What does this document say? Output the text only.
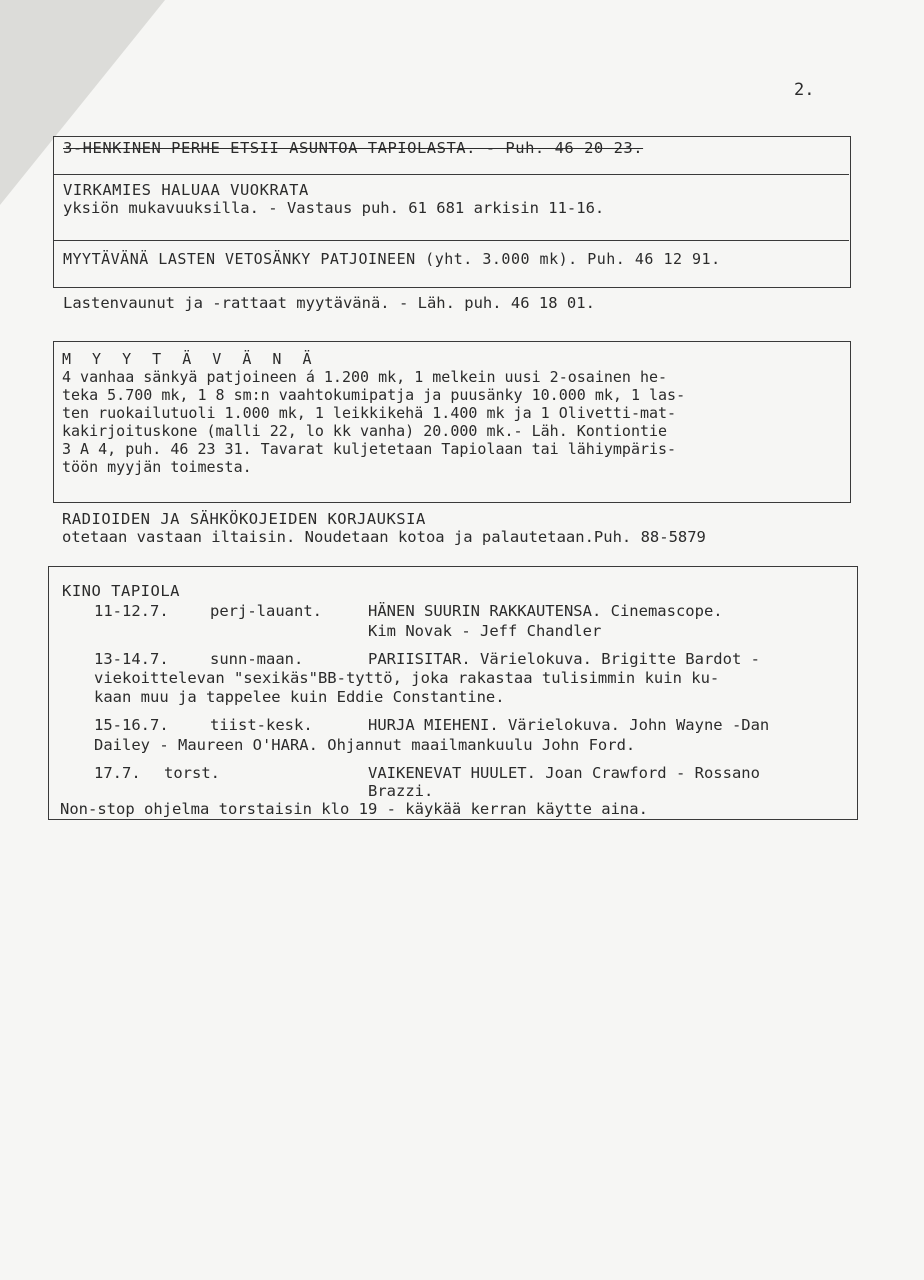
2.
3-HENKINEN PERHE ETSII ASUNTOA TAPIOLASTA. - Puh. 46 20 23.
VIRKAMIES HALUAA VUOKRATA
yksiön mukavuuksilla. - Vastaus puh. 61 681 arkisin 11-16.
MYYTÄVÄNÄ LASTEN VETOSÄNKY PATJOINEEN (yht. 3.000 mk). Puh. 46 12 91.
Lastenvaunut ja -rattaat myytävänä. - Läh. puh. 46 18 01.
M Y Y T Ä V Ä N Ä
4 vanhaa sänkyä patjoineen á 1.200 mk, 1 melkein uusi 2-osainen he-
teka 5.700 mk, 1 8 sm:n vaahtokumipatja ja puusänky 10.000 mk, 1 las-
ten ruokailutuoli 1.000 mk, 1 leikkikehä 1.400 mk ja 1 Olivetti-mat-
kakirjoituskone (malli 22, lo kk vanha) 20.000 mk.- Läh. Kontiontie
3 A 4, puh. 46 23 31. Tavarat kuljetetaan Tapiolaan tai lähiympäris-
töön myyjän toimesta.
RADIOIDEN JA SÄHKÖKOJEIDEN KORJAUKSIA
otetaan vastaan iltaisin. Noudetaan kotoa ja palautetaan.Puh. 88-5879
KINO TAPIOLA
11-12.7.	perj-lauant.	HÄNEN SUURIN RAKKAUTENSA. Cinemascope.
Kim Novak - Jeff Chandler
13-14.7.	sunn-maan.	PARIISITAR. Värielokuva. Brigitte Bardot -
viekoittelevan "sexikäs"BB-tyttö, joka rakastaa tulisimmin kuin ku-
kaan muu ja tappelee kuin Eddie Constantine.
15-16.7.	tiist-kesk.	HURJA MIEHENI. Värielokuva. John Wayne -Dan
Dailey - Maureen O'HARA. Ohjannut maailmankuulu John Ford.
17.7. torst.	VAIKENEVAT HUULET. Joan Crawford - Rossano
Brazzi.
Non-stop ohjelma torstaisin klo 19 - käykää kerran käytte aina.
